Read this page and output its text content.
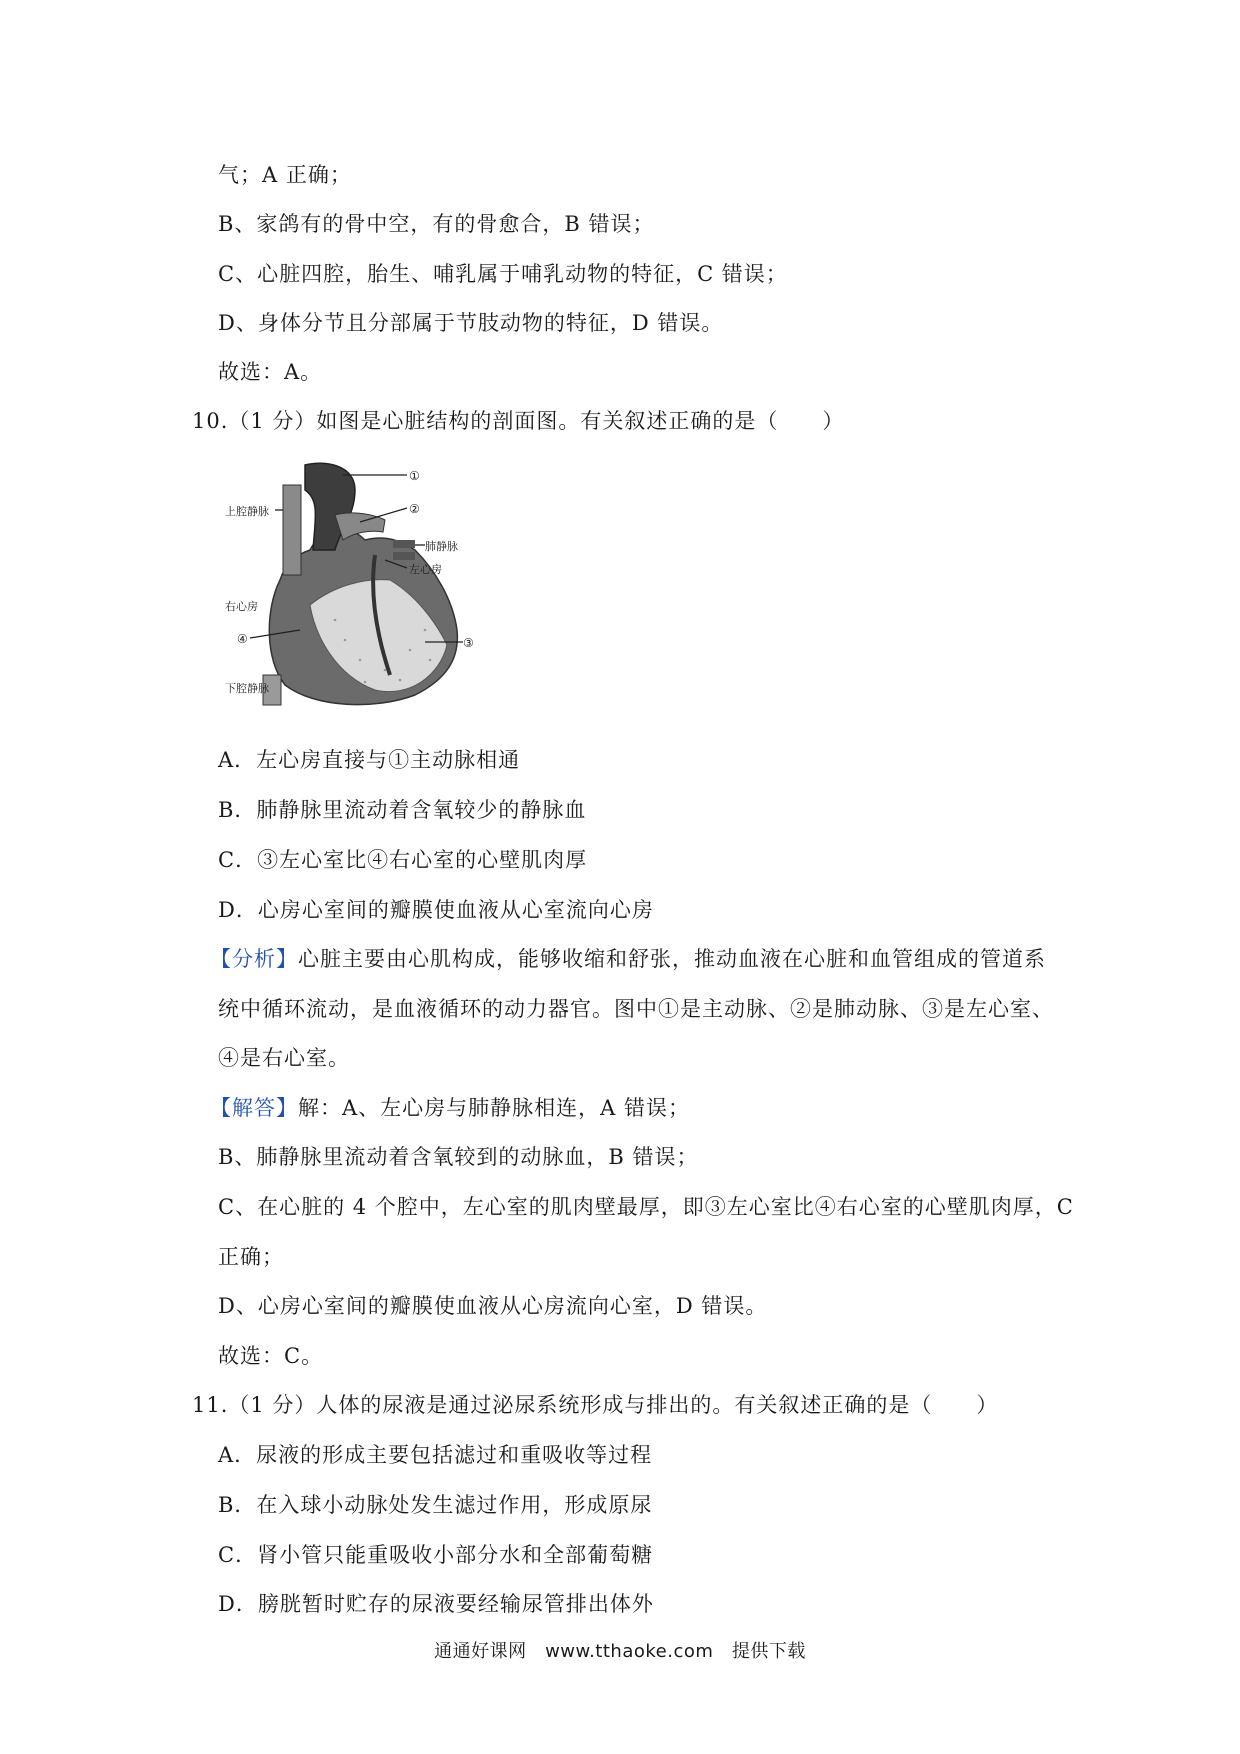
气；A 正确；
B、家鸽有的骨中空，有的骨愈合，B 错误；
C、心脏四腔，胎生、哺乳属于哺乳动物的特征，C 错误；
D、身体分节且分部属于节肢动物的特征，D 错误。
故选：A。
10.（1 分）如图是心脏结构的剖面图。有关叙述正确的是（　　）
①
②
③
④
上腔静脉
肺静脉
左心房
右心房
下腔静脉
A．左心房直接与①主动脉相通
B．肺静脉里流动着含氧较少的静脉血
C．③左心室比④右心室的心壁肌肉厚
D．心房心室间的瓣膜使血液从心室流向心房
【分析】心脏主要由心肌构成，能够收缩和舒张，推动血液在心脏和血管组成的管道系
统中循环流动，是血液循环的动力器官。图中①是主动脉、②是肺动脉、③是左心室、
④是右心室。
【解答】解：A、左心房与肺静脉相连，A 错误；
B、肺静脉里流动着含氧较到的动脉血，B 错误；
C、在心脏的 4 个腔中，左心室的肌肉壁最厚，即③左心室比④右心室的心壁肌肉厚，C
正确；
D、心房心室间的瓣膜使血液从心房流向心室，D 错误。
故选：C。
11.（1 分）人体的尿液是通过泌尿系统形成与排出的。有关叙述正确的是（　　）
A．尿液的形成主要包括滤过和重吸收等过程
B．在入球小动脉处发生滤过作用，形成原尿
C．肾小管只能重吸收小部分水和全部葡萄糖
D．膀胱暂时贮存的尿液要经输尿管排出体外
通通好课网　www.tthaoke.com　提供下载
